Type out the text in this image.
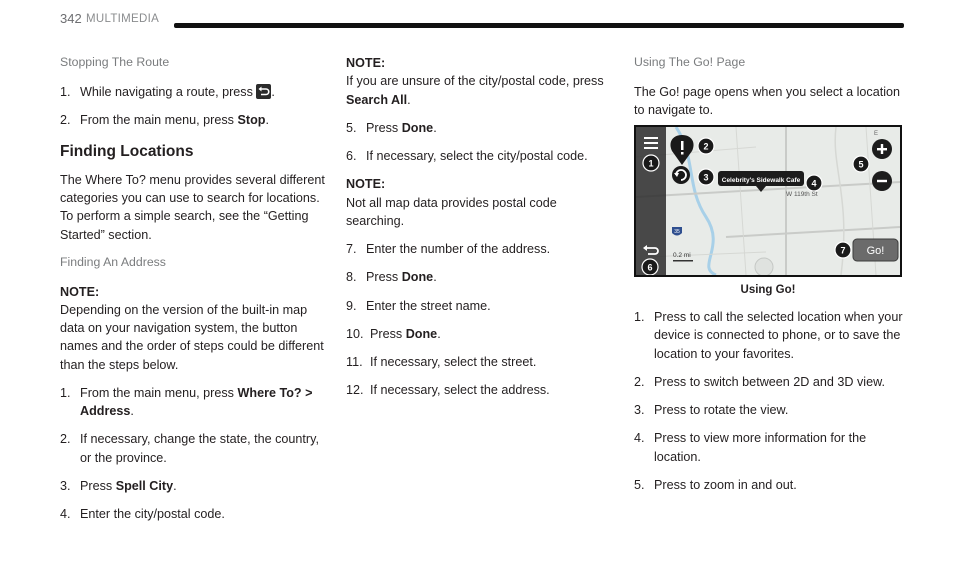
342 MULTIMEDIA
Stopping The Route
1. While navigating a route, press .
2. From the main menu, press Stop.
Finding Locations

The Where To? menu provides several different categories you can use to search for locations. To perform a simple search, see the “Getting Started” section.

Finding An Address
NOTE:

Depending on the version of the built-in map data on your navigation system, the button names and the order of steps could be different than the steps below.

1. From the main menu, press Where To? > Address.
2. If necessary, change the state, the country, or the province.
3. Press Spell City.
4. Enter the city/postal code.
NOTE:

If you are unsure of the city/postal code, press Search All.

5. Press Done.
6. If necessary, select the city/postal code.
NOTE:

Not all map data provides postal code searching.

7. Enter the number of the address.
8. Press Done.
9. Enter the street name.
10. Press Done.
11. If necessary, select the street.
12. If necessary, select the address.
Using The Go! Page

The Go! page opens when you select a location to navigate to.

Celebrity's Sidewalk Cafe
W 119th St
35
0.2 mi
E
Go!
1
2
3
4
5
6
7
Using Go!
1. Press to call the selected location when your device is connected to phone, or to save the location to your favorites.
2. Press to switch between 2D and 3D view.
3. Press to rotate the view.
4. Press to view more information for the location.
5. Press to zoom in and out.
